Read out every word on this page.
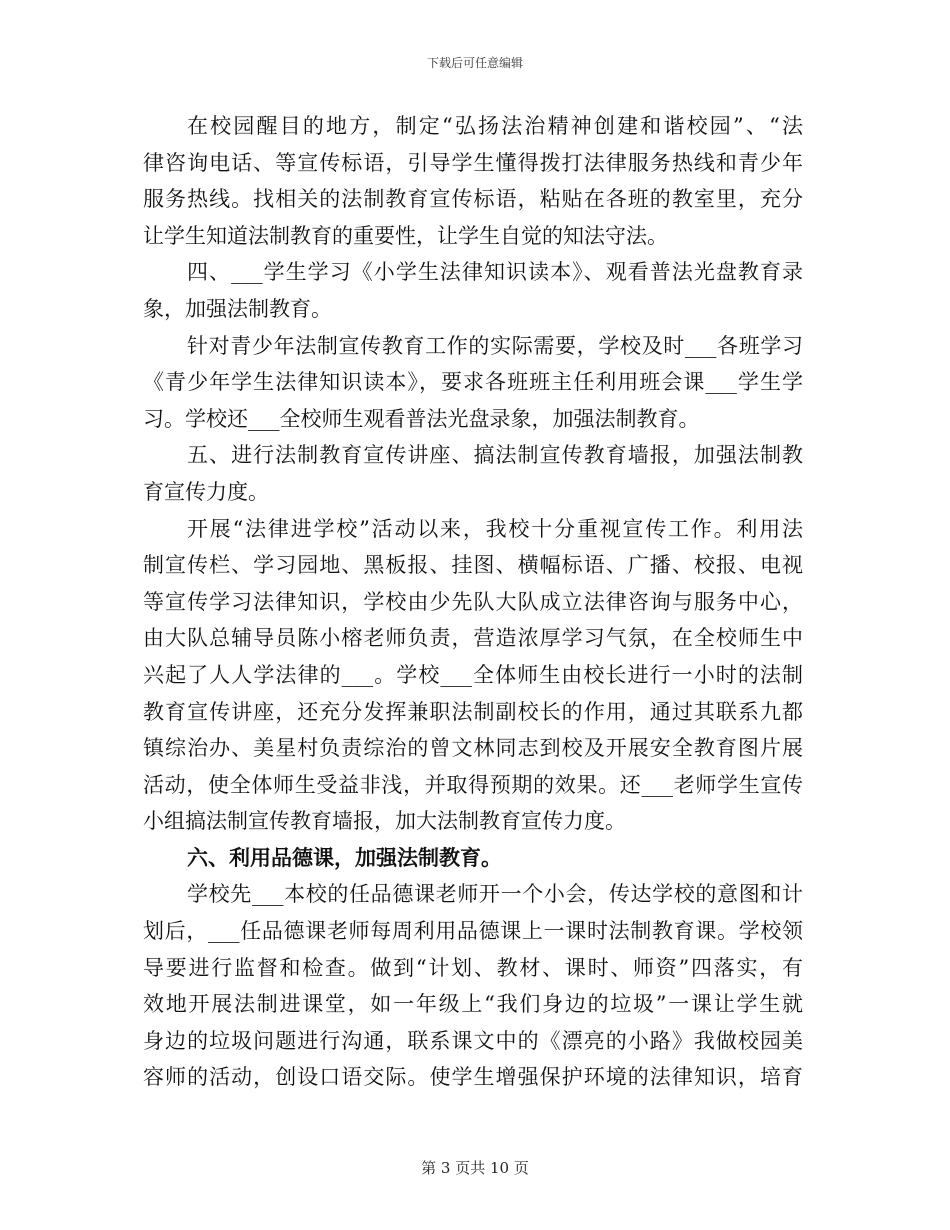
下载后可任意编辑
在校园醒目的地方，制定“弘扬法治精神创建和谐校园”、“法
律咨询电话、等宣传标语，引导学生懂得拨打法律服务热线和青少年
服务热线。找相关的法制教育宣传标语，粘贴在各班的教室里，充分
让学生知道法制教育的重要性，让学生自觉的知法守法。
四、___学生学习《小学生法律知识读本》、观看普法光盘教育录
象，加强法制教育。
针对青少年法制宣传教育工作的实际需要，学校及时___各班学习
《青少年学生法律知识读本》，要求各班班主任利用班会课___学生学
习。学校还___全校师生观看普法光盘录象，加强法制教育。
五、进行法制教育宣传讲座、搞法制宣传教育墙报，加强法制教
育宣传力度。
开展“法律进学校”活动以来，我校十分重视宣传工作。利用法
制宣传栏、学习园地、黑板报、挂图、横幅标语、广播、校报、电视
等宣传学习法律知识，学校由少先队大队成立法律咨询与服务中心，
由大队总辅导员陈小榕老师负责，营造浓厚学习气氛，在全校师生中
兴起了人人学法律的___。学校___全体师生由校长进行一小时的法制
教育宣传讲座，还充分发挥兼职法制副校长的作用，通过其联系九都
镇综治办、美星村负责综治的曾文林同志到校及开展安全教育图片展
活动，使全体师生受益非浅，并取得预期的效果。还___老师学生宣传
小组搞法制宣传教育墙报，加大法制教育宣传力度。
六、利用品德课，加强法制教育。
学校先___本校的任品德课老师开一个小会，传达学校的意图和计
划后，___任品德课老师每周利用品德课上一课时法制教育课。学校领
导要进行监督和检查。做到“计划、教材、课时、师资”四落实，有
效地开展法制进课堂，如一年级上“我们身边的垃圾”一课让学生就
身边的垃圾问题进行沟通，联系课文中的《漂亮的小路》我做校园美
容师的活动，创设口语交际。使学生增强保护环境的法律知识，培育
第 3 页共 10 页
